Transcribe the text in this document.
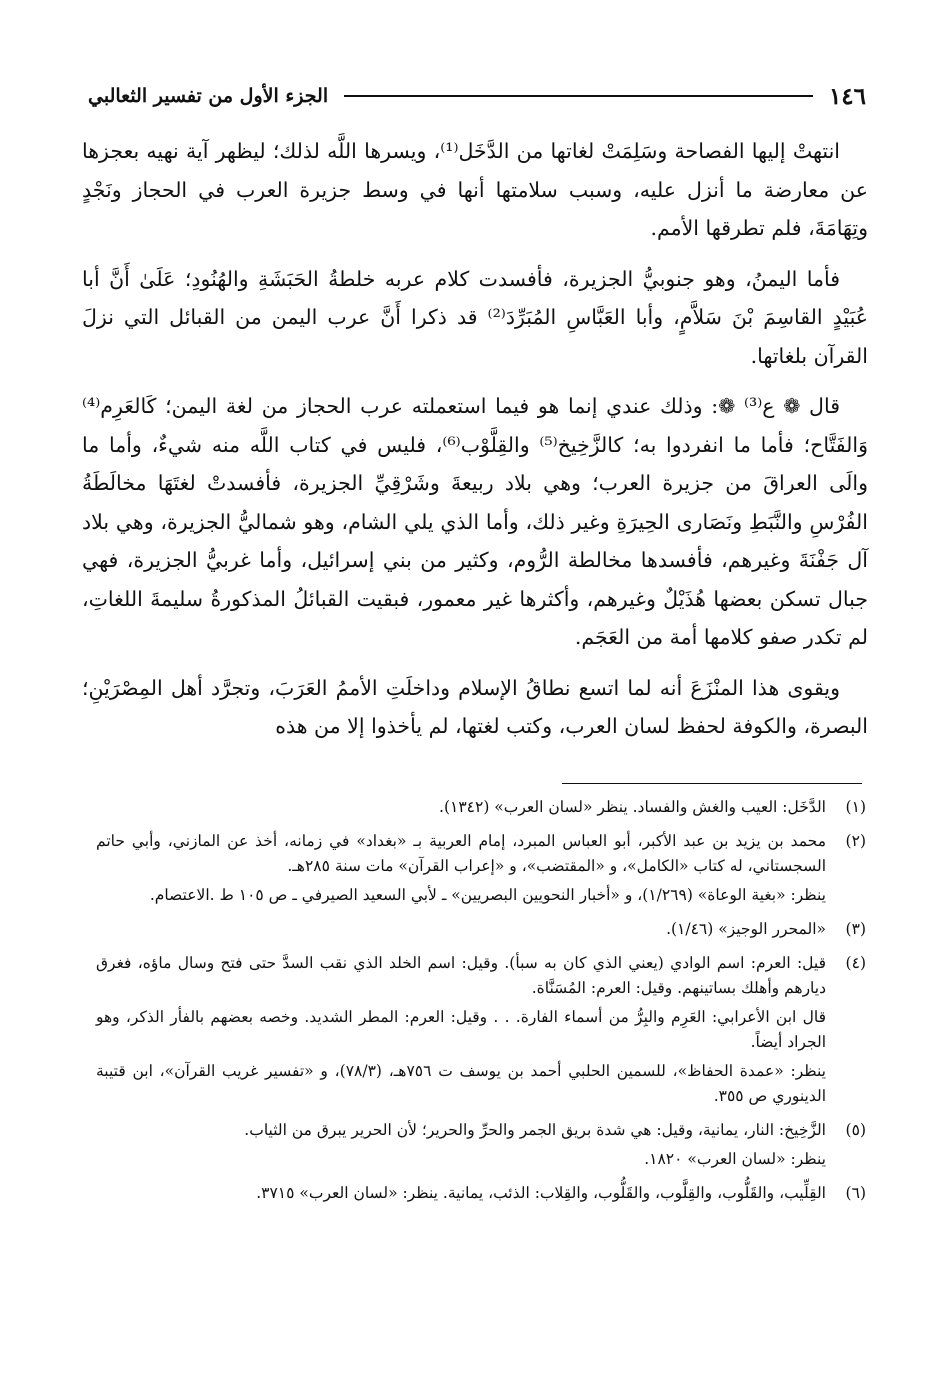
١٤٦
الجزء الأول من تفسير الثعالبي

انتهتْ إليها الفصاحة وسَلِمَتْ لغاتها من الدَّخَل⁽¹⁾، ويسرها اللَّه لذلك؛ ليظهر آية نهيه بعجزها عن معارضة ما أنزل عليه، وسبب سلامتها أنها في وسط جزيرة العرب في الحجاز ونَجْدٍ وتِهَامَةَ، فلم تطرقها الأمم.

فأما اليمنُ، وهو جنوبيُّ الجزيرة، فأفسدت كلام عربه خلطةُ الحَبَشَةِ والهُنُودِ؛ عَلَىٰ أَنَّ أبا عُبَيْدٍ القاسِمَ بْنَ سَلاَّمٍ، وأبا العَبَّاسِ المُبَرِّدَ⁽²⁾ قد ذكرا أَنَّ عرب اليمن من القبائل التي نزلَ القرآن بلغاتها.

قال ❁ ع⁽³⁾ ❁: وذلك عندي إنما هو فيما استعملته عرب الحجاز من لغة اليمن؛ كَالعَرِم⁽⁴⁾ وَالفَتَّاح؛ فأما ما انفردوا به؛ كالزَّخِيخ⁽⁵⁾ والقِلَّوْب⁽⁶⁾، فليس في كتاب اللَّه منه شيءٌ، وأما ما والَى العراقَ من جزيرة العرب؛ وهي بلاد ربيعةَ وشَرْقِيِّ الجزيرة، فأفسدتْ لغتَهَا مخالَطَةُ الفُرْسِ والنَّبَطِ ونَصَارى الحِيرَةِ وغير ذلك، وأما الذي يلي الشام، وهو شماليُّ الجزيرة، وهي بلاد آل جَفْنَةَ وغيرهم، فأفسدها مخالطة الرُّوم، وكثير من بني إسرائيل، وأما غربيُّ الجزيرة، فهي جبال تسكن بعضها هُذَيْلٌ وغيرهم، وأكثرها غير معمور، فبقيت القبائلُ المذكورةُ سليمةَ اللغاتِ، لم تكدر صفو كلامها أمة من العَجَم.

ويقوى هذا المنْزَعَ أنه لما اتسع نطاقُ الإسلام وداخلَتِ الأممُ العَرَبَ، وتجرَّد أهل المِصْرَيْنِ؛ البصرة، والكوفة لحفظ لسان العرب، وكتب لغتها، لم يأخذوا إلا من هذه

(١)
الدَّخَل: العيب والغش والفساد. ينظر «لسان العرب» (١٣٤٢).
(٢)
محمد بن يزيد بن عبد الأكبر، أبو العباس المبرد، إمام العربية بـ «بغداد» في زمانه، أخذ عن المازني، وأبي حاتم السجستاني، له كتاب «الكامل»، و «المقتضب»، و «إعراب القرآن» مات سنة ٢٨٥هـ.
ينظر: «بغية الوعاة» (١/٢٦٩)، و «أخبار النحويين البصريين» ـ لأبي السعيد الصيرفي ـ ص ١٠٥ ط .الاعتصام.
(٣)
«المحرر الوجيز» (١/٤٦).
(٤)
قيل: العرم: اسم الوادي (يعني الذي كان به سبأ). وقيل: اسم الخلد الذي نقب السدَّ حتى فتح وسال ماؤه، فغرق ديارهم وأهلك بساتينهم. وقيل: العرم: المُسَنَّاة.
قال ابن الأعرابي: العَرِم والبِرُّ من أسماء الفارة. . . وقيل: العرم: المطر الشديد. وخصه بعضهم بالفأر الذكر، وهو الجراد أيضاً.
ينظر: «عمدة الحفاظ»، للسمين الحلبي أحمد بن يوسف ت ٧٥٦هـ، (٧٨/٣)، و «تفسير غريب القرآن»، ابن قتيبة الدينوري ص ٣٥٥.
(٥)
الزَّخِيخ: النار، يمانية، وقيل: هي شدة بريق الجمر والحرِّ والحرير؛ لأن الحرير يبرق من الثياب.
ينظر: «لسان العرب» ١٨٢٠.
(٦)
القِلِّيب، والقَلُّوب، والقِلَّوب، والقَلُّوب، والقِلاب: الذئب، يمانية. ينظر: «لسان العرب» ٣٧١٥.
